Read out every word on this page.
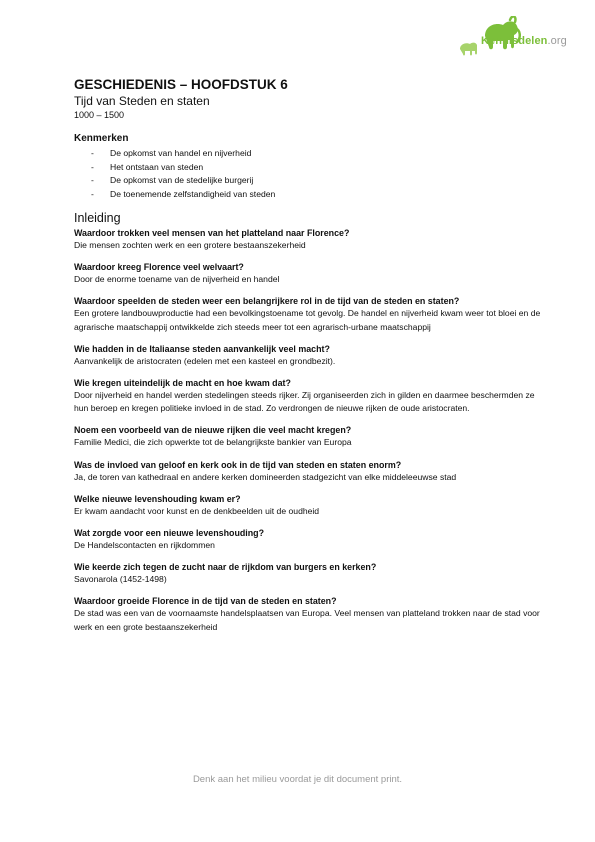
Kennisdelen.org
GESCHIEDENIS – HOOFDSTUK 6
Tijd van Steden en staten
1000 – 1500
Kenmerken
- De opkomst van handel en nijverheid
- Het ontstaan van steden
- De opkomst van de stedelijke burgerij
- De toenemende zelfstandigheid van steden
Inleiding
Waardoor trokken veel mensen van het platteland naar Florence?
Die mensen zochten werk en een grotere bestaanszekerheid
Waardoor kreeg Florence veel welvaart?
Door de enorme toename van de nijverheid en handel
Waardoor speelden de steden weer een belangrijkere rol in de tijd van de steden en staten?
Een grotere landbouwproductie had een bevolkingstoename tot gevolg. De handel en nijverheid kwam weer tot bloei en de agrarische maatschappij ontwikkelde zich steeds meer tot een agrarisch-urbane maatschappij
Wie hadden in de Italiaanse steden aanvankelijk veel macht?
Aanvankelijk de aristocraten (edelen met een kasteel en grondbezit).
Wie kregen uiteindelijk de macht en hoe kwam dat?
Door nijverheid en handel werden stedelingen steeds rijker. Zij organiseerden zich in gilden en daarmee beschermden ze hun beroep en kregen politieke invloed in de stad. Zo verdrongen de nieuwe rijken de oude aristocraten.
Noem een voorbeeld van de nieuwe rijken die veel macht kregen?
Familie Medici, die zich opwerkte tot de belangrijkste bankier van Europa
Was de invloed van geloof en kerk ook in de tijd van steden en staten enorm?
Ja, de toren van kathedraal en andere kerken domineerden stadgezicht van elke middeleeuwse stad
Welke nieuwe levenshouding kwam er?
Er kwam aandacht voor kunst en de denkbeelden uit de oudheid
Wat zorgde voor een nieuwe levenshouding?
De Handelscontacten en rijkdommen
Wie keerde zich tegen de zucht naar de rijkdom van burgers en kerken?
Savonarola (1452-1498)
Waardoor groeide Florence in de tijd van de steden en staten?
De stad was een van de voornaamste handelsplaatsen van Europa. Veel mensen van platteland trokken naar de stad voor werk en een grote bestaanszekerheid
Denk aan het milieu voordat je dit document print.
